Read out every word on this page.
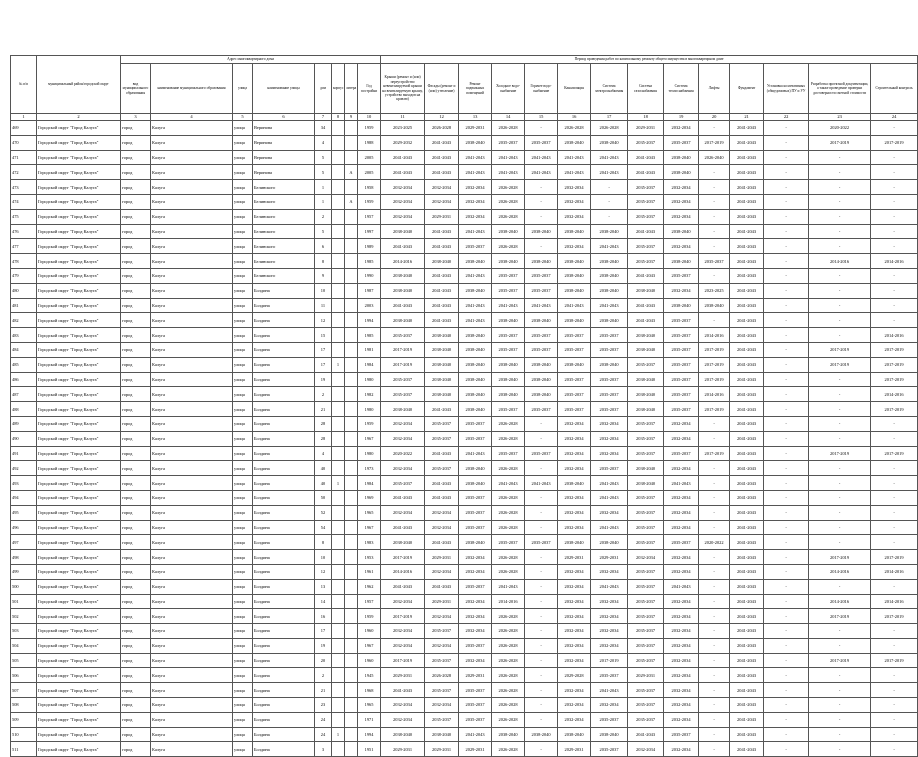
№ п/п	муниципальный район/городской округ	Адрес многоквартирного дома								Период проведения работ по капитальному ремонту общего имущества в многоквартирном доме													
		вид муниципального образования	наименование муниципального образования	улица	наименование улицы	дом	корпус	литера	Год постройки	Крыши (ремонт и (или) переустройство невентилируемой крыши на вентилируемую крышу, устройство выходов на кровлю)	Фасады (ремонт и (или) утепление)	Ремонт подвальных помещений	Холодное водо-снабжение	Горячее водо-снабжение	Канализация	Система электроснабжения	Система газоснабжения	Система теплоснабжения	Лифты	Фундамент	Установка коллективных (общедомовых) ПУ и УУ	Разработка проектной документации, а также проведение проверки достоверности сметной стоимости	Строительный контроль
1	2	3	4	5	6	7	8	9	10	11	12	13	14	15	16	17	18	19	20	21	22	23	24
469	Городской округ "Город Калуга"	город	Калуга	улица	Веринова	34			1959	2023-2025	2026-2028	2029-2031	2026-2028	-	2026-2028	2026-2028	2029-2031	2032-2034	-	2041-2043	-	2020-2022	-
470	Городской округ "Город Калуга"	город	Калуга	улица	Веринова	4			1988	2029-2032	2041-2043	2038-2040	2035-2037	2035-2037	2038-2040	2038-2040	2035-2037	2035-2037	2017-2019	2041-2043	-	2017-2019	2017-2019
471	Городской округ "Город Калуга"	город	Калуга	улица	Веринова	5			2005	2041-2043	2041-2043	2041-2043	2041-2043	2041-2043	2041-2043	2041-2043	2041-2043	2038-2040	2026-2040	2041-2043	-	-	-
472	Городской округ "Город Калуга"	город	Калуга	улица	Веринова	5		А	2005	2041-2043	2041-2043	2041-2043	2041-2043	2041-2043	2041-2043	2041-2043	2041-2043	2038-2040	-	2041-2043	-	-	-
473	Городской округ "Город Калуга"	город	Калуга	улица	Белинского	1			1958	2032-2034	2032-2034	2032-2034	2026-2028	-	2032-2034	-	2035-2037	2032-2034	-	2041-2043	-	-	-
474	Городской округ "Город Калуга"	город	Калуга	улица	Белинского	1		А	1959	2032-2034	2032-2034	2032-2034	2026-2028	-	2032-2034	-	2035-2037	2032-2034	-	2041-2043	-	-	-
475	Городской округ "Город Калуга"	город	Калуга	улица	Белинского	2			1957	2032-2034	2029-2031	2032-2034	2026-2028	-	2032-2034	-	2035-2037	2032-2034	-	2041-2043	-	-	-
476	Городской округ "Город Калуга"	город	Калуга	улица	Белинского	5			1997	2038-2040	2041-2043	2041-2043	2038-2040	2038-2040	2038-2040	2038-2040	2041-2043	2038-2040	-	2041-2043	-	-	-
477	Городской округ "Город Калуга"	город	Калуга	улица	Белинского	6			1989	2041-2043	2041-2043	2035-2037	2026-2028	-	2032-2034	2041-2043	2035-2037	2032-2034	-	2041-2043	-	-	-
478	Городской округ "Город Калуга"	город	Калуга	улица	Белинского	8			1985	2014-2016	2038-2040	2038-2040	2038-2040	2038-2040	2038-2040	2038-2040	2035-2037	2038-2040	2035-2037	2041-2043	-	2014-2016	2014-2016
479	Городской округ "Город Калуга"	город	Калуга	улица	Белинского	9			1990	2038-2040	2041-2043	2041-2043	2035-2037	2035-2037	2038-2040	2038-2040	2041-2043	2035-2037	-	2041-2043	-	-	-
480	Городской округ "Город Калуга"	город	Калуга	улица	Болдина	10			1987	2038-2040	2041-2043	2038-2040	2035-2037	2035-2037	2038-2040	2038-2040	2038-2040	2032-2034	2023-2025	2041-2043	-	-	-
481	Городской округ "Город Калуга"	город	Калуга	улица	Болдина	11			2003	2041-2043	2041-2043	2041-2043	2041-2043	2041-2043	2041-2043	2041-2043	2041-2043	2038-2040	2038-2040	2041-2043	-	-	-
482	Городской округ "Город Калуга"	город	Калуга	улица	Болдина	12			1994	2038-2040	2041-2043	2041-2043	2038-2040	2038-2040	2038-2040	2038-2040	2041-2043	2035-2037	-	2041-2043	-	-	-
483	Городской округ "Город Калуга"	город	Калуга	улица	Болдина	15			1985	2035-2037	2038-2040	2038-2040	2035-2037	2035-2037	2035-2037	2035-2037	2038-2040	2035-2037	2014-2016	2041-2043	-	-	2014-2016
484	Городской округ "Город Калуга"	город	Калуга	улица	Болдина	17			1981	2017-2019	2038-2040	2038-2040	2035-2037	2035-2037	2035-2037	2035-2037	2038-2040	2035-2037	2017-2019	2041-2043	-	2017-2019	2017-2019
485	Городской округ "Город Калуга"	город	Калуга	улица	Болдина	17	1		1984	2017-2019	2038-2040	2038-2040	2038-2040	2038-2040	2038-2040	2038-2040	2035-2037	2035-2037	2017-2019	2041-2043	-	2017-2019	2017-2019
486	Городской округ "Город Калуга"	город	Калуга	улица	Болдина	19			1980	2035-2037	2038-2040	2038-2040	2038-2040	2038-2040	2035-2037	2035-2037	2038-2040	2035-2037	2017-2019	2041-2043	-	-	2017-2019
487	Городской округ "Город Калуга"	город	Калуга	улица	Болдина	2			1982	2035-2037	2038-2040	2038-2040	2038-2040	2038-2040	2035-2037	2035-2037	2038-2040	2035-2037	2014-2016	2041-2043	-	-	2014-2016
488	Городской округ "Город Калуга"	город	Калуга	улица	Болдина	21			1980	2038-2040	2041-2043	2038-2040	2035-2037	2035-2037	2035-2037	2035-2037	2038-2040	2035-2037	2017-2019	2041-2043	-	-	2017-2019
489	Городской округ "Город Калуга"	город	Калуга	улица	Болдина	28			1959	2032-2034	2035-2037	2035-2037	2026-2028	-	2032-2034	2032-2034	2035-2037	2032-2034	-	2041-2043	-	-	-
490	Городской округ "Город Калуга"	город	Калуга	улица	Болдина	28			1967	2032-2034	2035-2037	2035-2037	2026-2028	-	2032-2034	2032-2034	2035-2037	2032-2034	-	2041-2043	-	-	-
491	Городской округ "Город Калуга"	город	Калуга	улица	Болдина	4			1980	2020-2022	2041-2043	2041-2043	2035-2037	2035-2037	2032-2034	2032-2034	2035-2037	2035-2037	2017-2019	2041-2043	-	2017-2019	2017-2019
492	Городской округ "Город Калуга"	город	Калуга	улица	Болдина	40			1973	2032-2034	2035-2037	2038-2040	2026-2028	-	2032-2034	2035-2037	2038-2040	2032-2034	-	2041-2043	-	-	-
493	Городской округ "Город Калуга"	город	Калуга	улица	Болдина	40	1		1984	2035-2037	2041-2043	2038-2040	2041-2043	2041-2043	2038-2040	2041-2043	2038-2040	2041-2043	-	2041-2043	-	-	-
494	Городской округ "Город Калуга"	город	Калуга	улица	Болдина	50			1969	2041-2043	2041-2043	2035-2037	2026-2028	-	2032-2034	2041-2043	2035-2037	2032-2034	-	2041-2043	-	-	-
495	Городской округ "Город Калуга"	город	Калуга	улица	Болдина	52			1965	2032-2034	2032-2034	2035-2037	2026-2028	-	2032-2034	2032-2034	2035-2037	2032-2034	-	2041-2043	-	-	-
496	Городской округ "Город Калуга"	город	Калуга	улица	Болдина	54			1967	2041-2043	2032-2034	2035-2037	2026-2028	-	2032-2034	2041-2043	2035-2037	2032-2034	-	2041-2043	-	-	-
497	Городской округ "Город Калуга"	город	Калуга	улица	Болдина	8			1983	2038-2040	2041-2043	2038-2040	2035-2037	2035-2037	2038-2040	2038-2040	2035-2037	2035-2037	2020-2022	2041-2043	-	-	-
498	Городской округ "Город Калуга"	город	Калуга	улица	Болдина	10			1953	2017-2019	2029-2031	2032-2034	2026-2028	-	2029-2031	2029-2031	2032-2034	2032-2034	-	2041-2043	-	2017-2019	2017-2019
499	Городской округ "Город Калуга"	город	Калуга	улица	Болдина	12			1961	2014-2016	2032-2034	2032-2034	2026-2028	-	2032-2034	2032-2034	2035-2037	2032-2034	-	2041-2043	-	2014-2016	2014-2016
500	Городской округ "Город Калуга"	город	Калуга	улица	Болдина	13			1962	2041-2043	2041-2043	2035-2037	2041-2043	-	2032-2034	2041-2043	2035-2037	2041-2043	-	2041-2043	-	-	-
501	Городской округ "Город Калуга"	город	Калуга	улица	Болдина	14			1957	2032-2034	2029-2031	2032-2034	2014-2016	-	2032-2034	2032-2034	2035-2037	2032-2034	-	2041-2043	-	2014-2016	2014-2016
502	Городской округ "Город Калуга"	город	Калуга	улица	Болдина	16			1959	2017-2019	2032-2034	2032-2034	2026-2028	-	2032-2034	2032-2034	2035-2037	2032-2034	-	2041-2043	-	2017-2019	2017-2019
503	Городской округ "Город Калуга"	город	Калуга	улица	Болдина	17			1960	2032-2034	2035-2037	2032-2034	2026-2028	-	2032-2034	2032-2034	2035-2037	2032-2034	-	2041-2043	-	-	-
504	Городской округ "Город Калуга"	город	Калуга	улица	Болдина	19			1967	2032-2034	2032-2034	2035-2037	2026-2028	-	2032-2034	2032-2034	2035-2037	2032-2034	-	2041-2043	-	-	-
505	Городской округ "Город Калуга"	город	Калуга	улица	Болдина	20			1960	2017-2019	2035-2037	2032-2034	2026-2028	-	2032-2034	2017-2019	2035-2037	2032-2034	-	2041-2043	-	2017-2019	2017-2019
506	Городской округ "Город Калуга"	город	Калуга	улица	Болдина	2			1945	2029-2031	2026-2028	2029-2031	2026-2028	-	2029-2028	2035-2037	2029-2031	2032-2034	-	2041-2043	-	-	-
507	Городской округ "Город Калуга"	город	Калуга	улица	Болдина	21			1968	2041-2043	2035-2037	2035-2037	2026-2028	-	2032-2034	2041-2043	2035-2037	2032-2034	-	2041-2043	-	-	-
508	Городской округ "Город Калуга"	город	Калуга	улица	Болдина	23			1965	2032-2034	2032-2034	2035-2037	2026-2028	-	2032-2034	2032-2034	2035-2037	2032-2034	-	2041-2043	-	-	-
509	Городской округ "Город Калуга"	город	Калуга	улица	Болдина	24			1971	2032-2034	2035-2037	2035-2037	2026-2028	-	2032-2034	2035-2037	2035-2037	2032-2034	-	2041-2043	-	-	-
510	Городской округ "Город Калуга"	город	Калуга	улица	Болдина	24	1		1994	2038-2040	2038-2040	2041-2043	2038-2040	2038-2040	2038-2040	2038-2040	2041-2043	2035-2037	-	2041-2043	-	-	-
511	Городской округ "Город Калуга"	город	Калуга	улица	Болдина	3			1951	2029-2031	2029-2031	2029-2031	2026-2028	-	2029-2031	2035-2037	2032-2034	2032-2034	-	2041-2043	-	-	-
